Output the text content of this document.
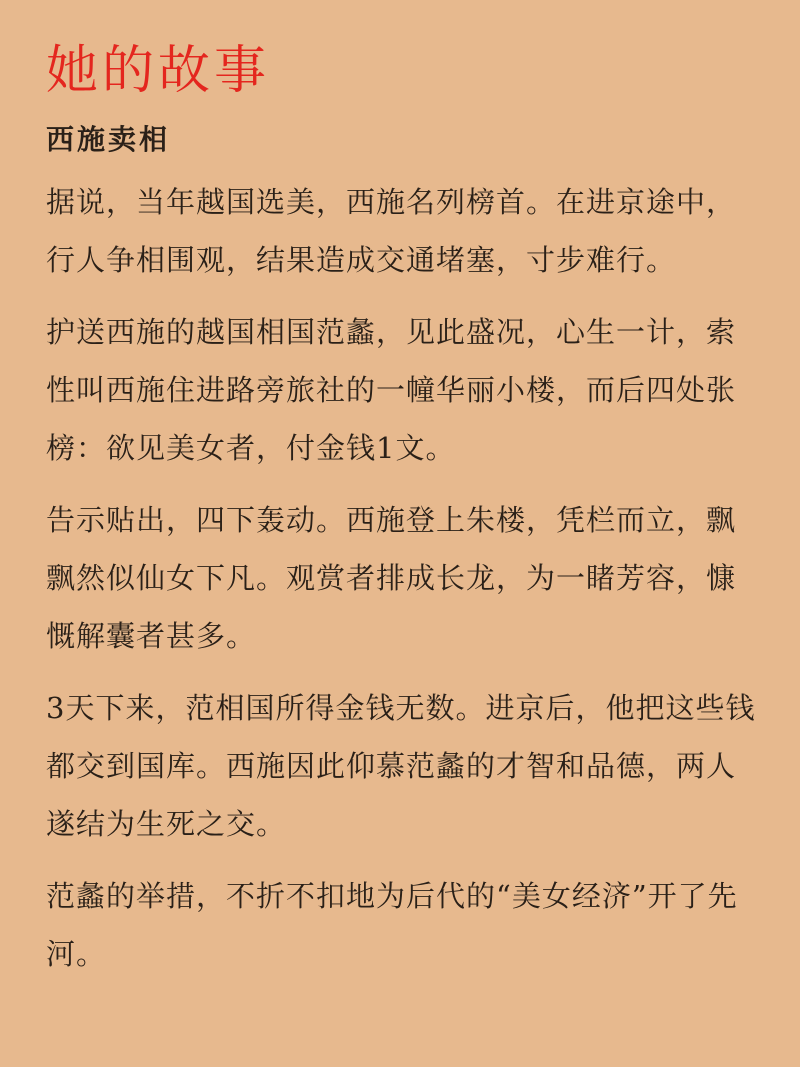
她的故事
西施卖相

据说，当年越国选美，西施名列榜首。在进京途中，行人争相围观，结果造成交通堵塞，寸步难行。

护送西施的越国相国范蠡，见此盛况，心生一计，索性叫西施住进路旁旅社的一幢华丽小楼，而后四处张榜：欲见美女者，付金钱1文。

告示贴出，四下轰动。西施登上朱楼，凭栏而立，飘飘然似仙女下凡。观赏者排成长龙，为一睹芳容，慷慨解囊者甚多。

3天下来，范相国所得金钱无数。进京后，他把这些钱都交到国库。西施因此仰慕范蠡的才智和品德，两人遂结为生死之交。

范蠡的举措，不折不扣地为后代的“美女经济”开了先河。
